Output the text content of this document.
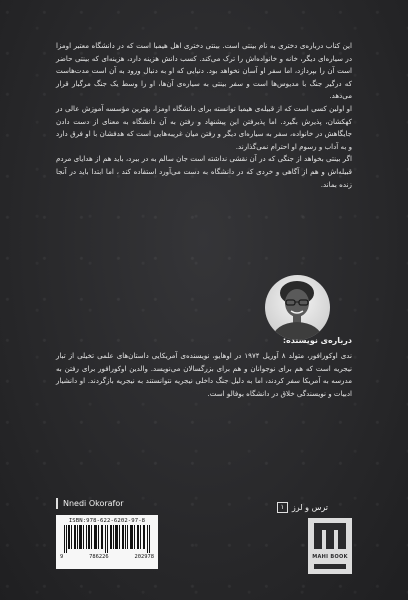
این کتاب درباره‌ی دختری به نام بینتی است. بینتی دختری اهل هیمبا است که در دانشگاه معتبر اومزا در سیاره‌ای دیگر، خانه و خانواده‌اش را ترک می‌کند. کسب دانش هزینه دارد، هزینه‌ای که بینتی حاضر است آن را بپردازد، اما سفر او آسان نخواهد بود. دنیایی که او به دنبال ورود به آن است مدت‌هاست که درگیر جنگ با مدیوس‌ها است و سفر بینتی به سیاره‌ی آن‌ها، او را وسط یک جنگ مرگبار قرار می‌دهد.

او اولین کسی است که از قبیله‌ی هیمبا توانسته برای دانشگاه اومزا، بهترین مؤسسه آموزش عالی در کهکشان، پذیرش بگیرد. اما پذیرفتن این پیشنهاد و رفتن به آن دانشگاه به معنای از دست دادن جایگاهش در خانواده، سفر به سیاره‌ای دیگر و رفتن میان غریبه‌هایی است که هدفشان با او فرق دارد و به آداب و رسوم او احترام نمی‌گذارند.

اگر بینتی بخواهد از جنگی که در آن نقشی نداشته است جان سالم به در ببرد، باید هم از هدایای مردم قبیله‌اش و هم از آگاهی و خردی که در دانشگاه به دست می‌آورد استفاده کند ، اما ابتدا باید در آنجا زنده بماند.

درباره‌ی نویسنده:
ندی اوکورافور، متولد ۸ آوریل ۱۹۷۴ در اوهایو، نویسنده‌ی آمریکایی داستان‌های علمی تخیلی از تبار نیجریه است که هم برای نوجوانان و هم برای بزرگسالان می‌نویسد. والدین اوکورافور برای رفتن به مدرسه به آمریکا سفر کردند، اما به دلیل جنگ داخلی نیجریه نتوانستند به نیجریه بازگردند. او دانشیار ادبیات و نویسندگی خلاق در دانشگاه بوفالو است.
Nnedi Okorafor
ISBN:978-622-6202-97-8
9	786226	202978
ترس و لرز
۱
MAHI BOOK
